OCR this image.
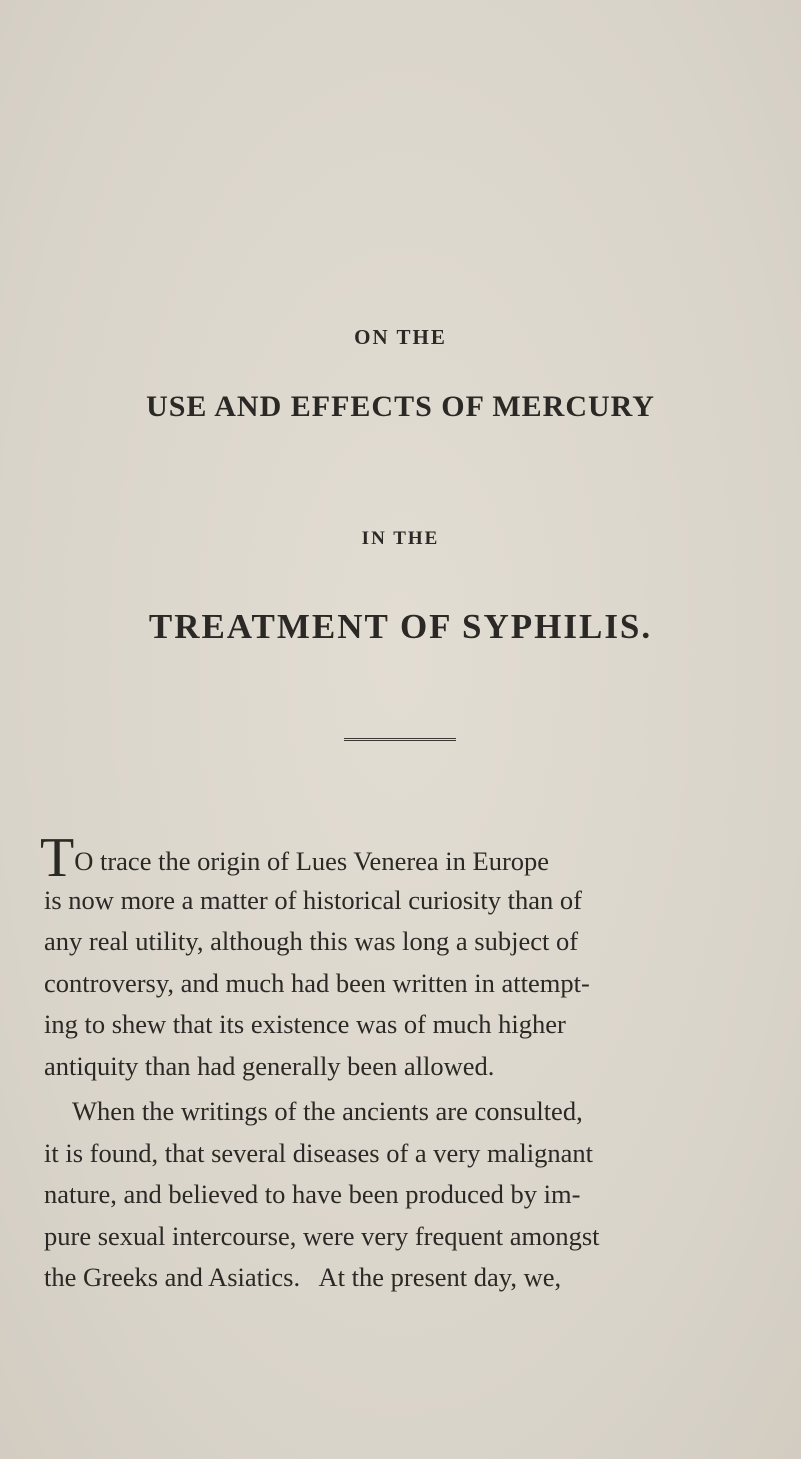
ON THE
USE AND EFFECTS OF MERCURY
IN THE
TREATMENT OF SYPHILIS.
TO trace the origin of Lues Venerea in Europe
is now more a matter of historical curiosity than of
any real utility, although this was long a subject of
controversy, and much had been written in attempt-
ing to shew that its existence was of much higher
antiquity than had generally been allowed.
When the writings of the ancients are consulted,
it is found, that several diseases of a very malignant
nature, and believed to have been produced by im-
pure sexual intercourse, were very frequent amongst
the Greeks and Asiatics.   At the present day, we,
